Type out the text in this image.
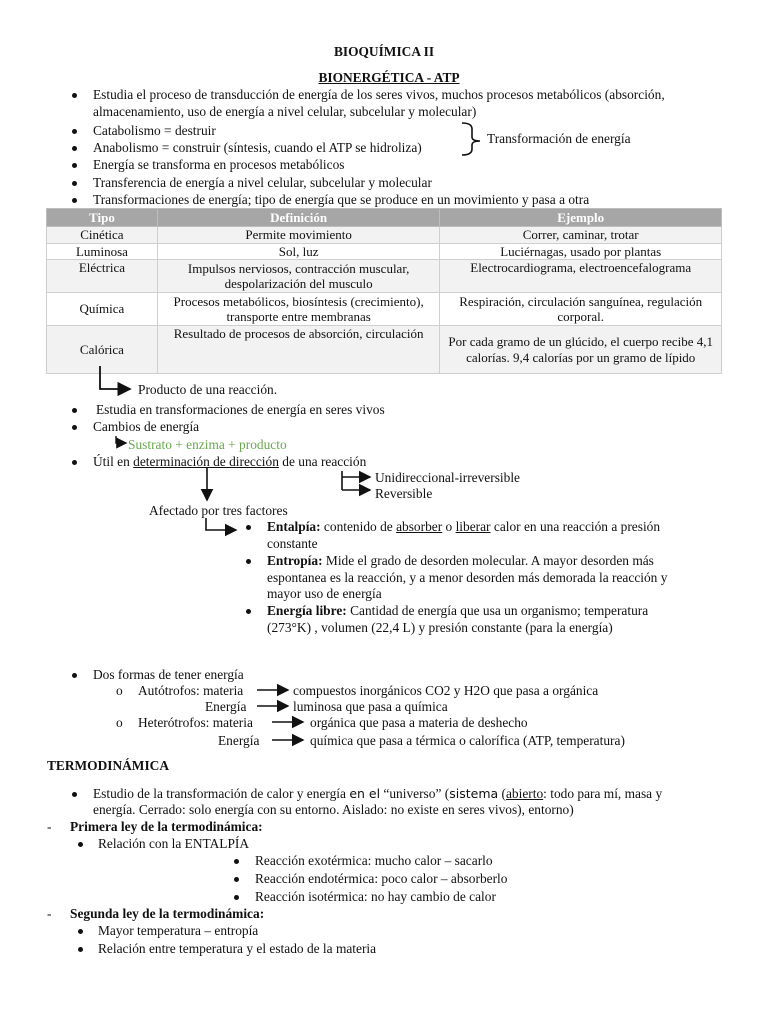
BIOQUÍMICA II
BIONERGÉTICA - ATP
Estudia el proceso de transducción de energía de los seres vivos, muchos procesos metabólicos (absorción,
almacenamiento, uso de energía a nivel celular, subcelular y molecular)
Catabolismo = destruir
Anabolismo = construir (síntesis, cuando el ATP se hidroliza)
Transformación de energía
Energía se transforma en procesos metabólicos
Transferencia de energía a nivel celular, subcelular y molecular
Transformaciones de energía; tipo de energía que se produce en un movimiento y pasa a otra
Tipo	Definición	Ejemplo
Cinética	Permite movimiento	Correr, caminar, trotar
Luminosa	Sol, luz	Luciérnagas, usado por plantas
Eléctrica	Impulsos nerviosos, contracción muscular, despolarización del musculo	Electrocardiograma, electroencefalograma
Química	Procesos metabólicos, biosíntesis (crecimiento), transporte entre membranas	Respiración, circulación sanguínea, regulación corporal.
Calórica	Resultado de procesos de absorción, circulación	Por cada gramo de un glúcido, el cuerpo recibe 4,1 calorías. 9,4 calorías por un gramo de lípido
Producto de una reacción.
Estudia en transformaciones de energía en seres vivos
Cambios de energía
Sustrato + enzima + producto
Útil en determinación de dirección de una reacción
Unidireccional-irreversible
Reversible
Afectado por tres factores
Entalpía: contenido de absorber o liberar calor en una reacción a presión
constante
Entropía: Mide el grado de desorden molecular. A mayor desorden más
espontanea es la reacción, y a menor desorden más demorada la reacción y
mayor uso de energía
Energía libre: Cantidad de energía que usa un organismo; temperatura
(273°K) , volumen (22,4 L) y presión constante (para la energía)
Dos formas de tener energía
o Autótrofos: materia	compuestos inorgánicos CO2 y H2O que pasa a orgánica
Energía	luminosa que pasa a química
o Heterótrofos: materia	orgánica que pasa a materia de deshecho
Energía	química que pasa a térmica o calorífica (ATP, temperatura)
TERMODINÁMICA
Estudio de la transformación de calor y energía en el “universo” (sistema (abierto: todo para mí, masa y
energía. Cerrado: solo energía con su entorno. Aislado: no existe en seres vivos), entorno)
- Primera ley de la termodinámica:
Relación con la ENTALPÍA
Reacción exotérmica: mucho calor – sacarlo
Reacción endotérmica: poco calor – absorberlo
Reacción isotérmica: no hay cambio de calor
- Segunda ley de la termodinámica:
Mayor temperatura – entropía
Relación entre temperatura y el estado de la materia
